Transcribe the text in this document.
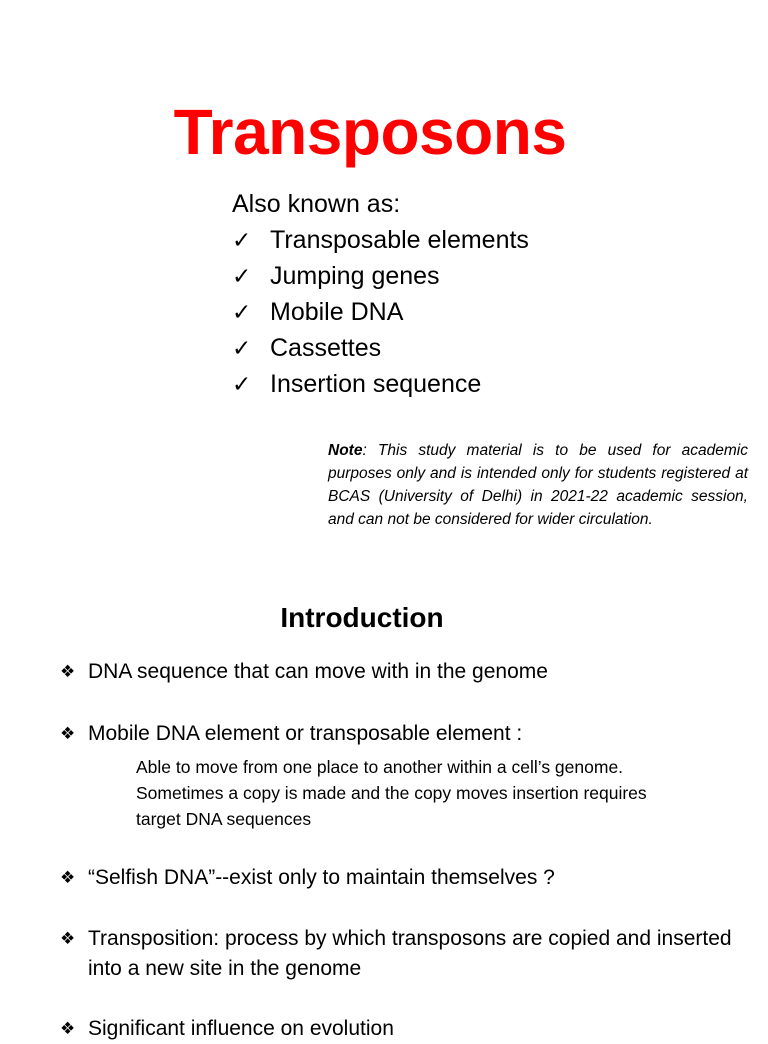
Transposons
Also known as:
✓ Transposable elements
✓ Jumping genes
✓ Mobile DNA
✓ Cassettes
✓ Insertion sequence
Note: This study material is to be used for academic purposes only and is intended only for students registered at BCAS (University of Delhi) in 2021-22 academic session, and can not be considered for wider circulation.
Introduction
❖ DNA sequence that can move with in the genome
❖ Mobile DNA element or transposable element :
Able to move from one place to another within a cell’s genome. Sometimes a copy is made and the copy moves insertion requires target DNA sequences
❖ “Selfish DNA”--exist only to maintain themselves ?
❖ Transposition: process by which transposons are copied and inserted into a new site in the genome
❖ Significant influence on evolution
